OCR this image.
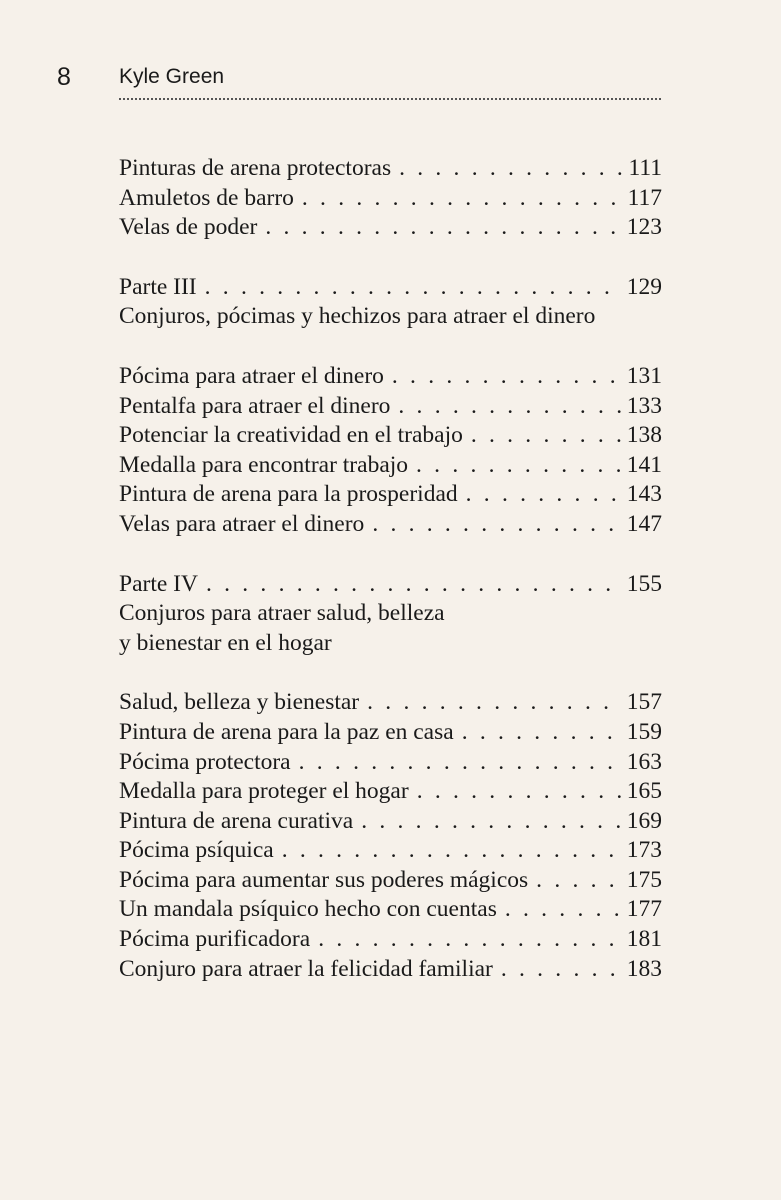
8 Kyle Green
Pinturas de arena protectoras . . .	111
Amuletos de barro . . .	117
Velas de poder . . .	123
Parte III . . .	129
Conjuros, pócimas y hechizos para atraer el dinero
Pócima para atraer el dinero . . .	131
Pentalfa para atraer el dinero . . .	133
Potenciar la creatividad en el trabajo . . .	138
Medalla para encontrar trabajo . . .	141
Pintura de arena para la prosperidad . . .	143
Velas para atraer el dinero . . .	147
Parte IV . . .	155
Conjuros para atraer salud, belleza
y bienestar en el hogar
Salud, belleza y bienestar . . .	157
Pintura de arena para la paz en casa . . .	159
Pócima protectora . . .	163
Medalla para proteger el hogar . . .	165
Pintura de arena curativa . . .	169
Pócima psíquica . . .	173
Pócima para aumentar sus poderes mágicos . . .	175
Un mandala psíquico hecho con cuentas . . .	177
Pócima purificadora . . .	181
Conjuro para atraer la felicidad familiar . . .	183
